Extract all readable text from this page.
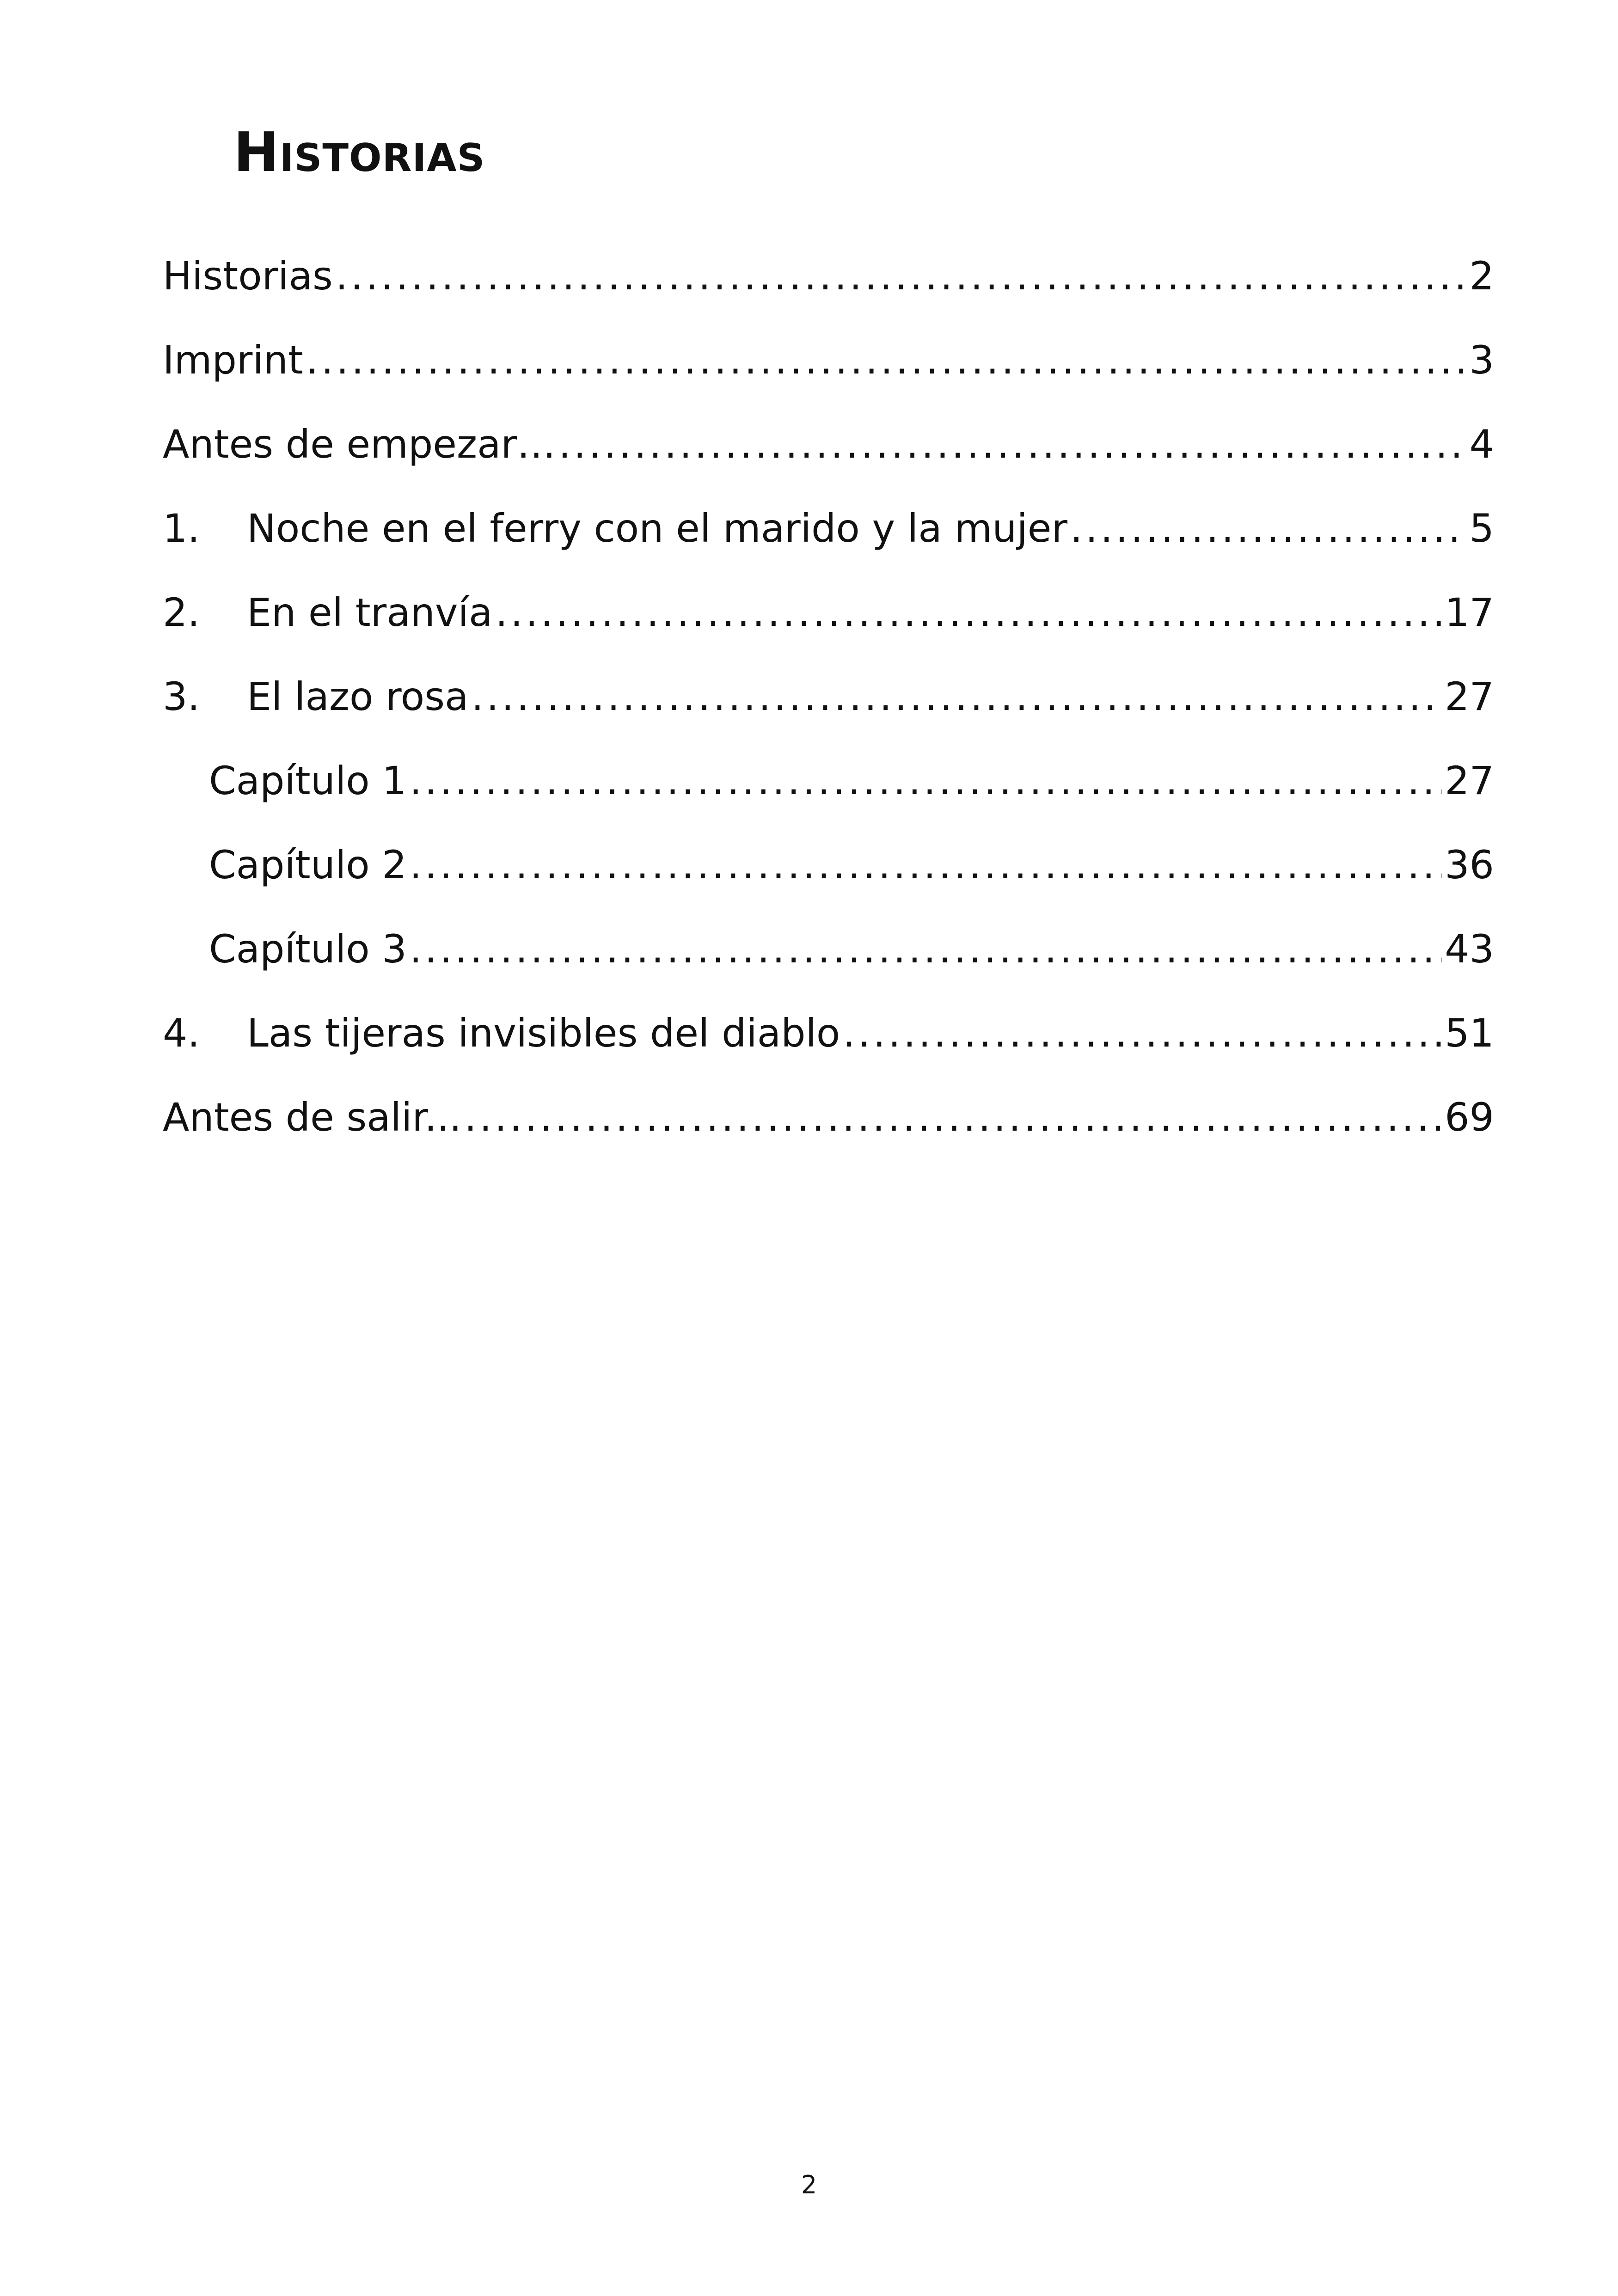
Historias
Historias .....	2
Imprint .....	3
Antes de empezar… .....	4
1.	Noche en el ferry con el marido y la mujer .....	5
2.	En el tranvía .....	17
3.	El lazo rosa .....	27
Capítulo 1 .....	27
Capítulo 2 .....	36
Capítulo 3 .....	43
4.	Las tijeras invisibles del diablo .....	51
Antes de salir... .....	69
2
